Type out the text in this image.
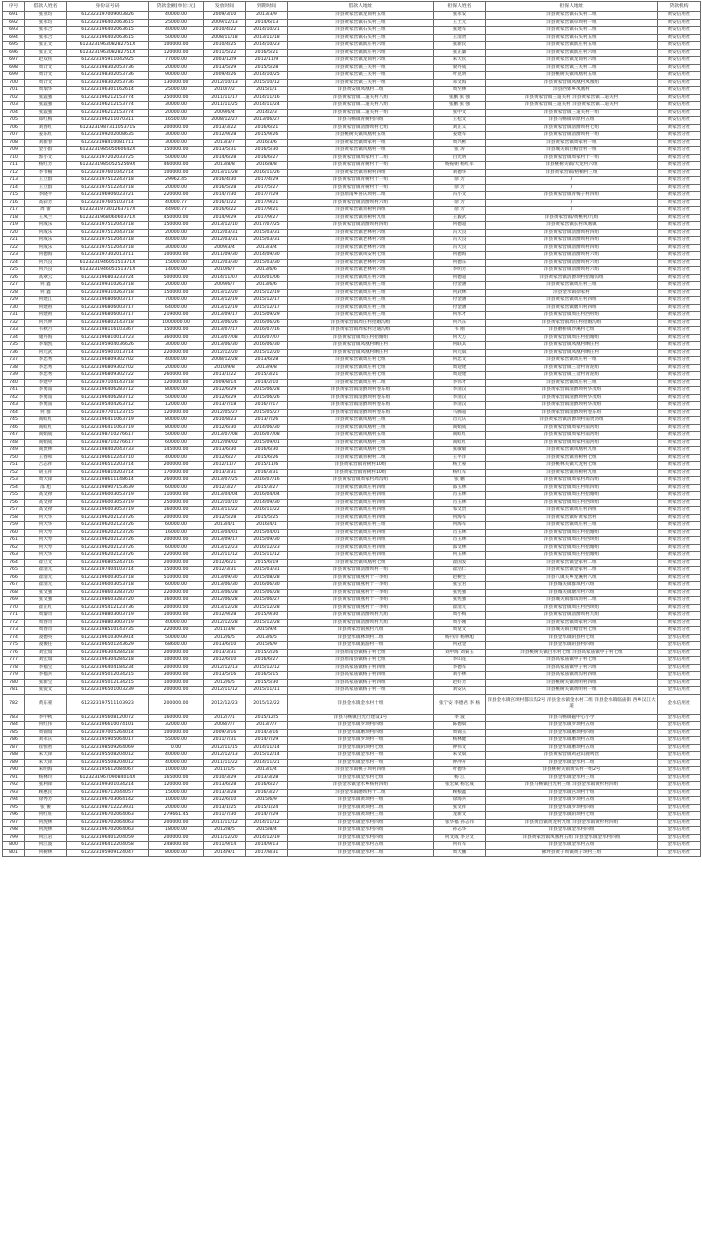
序号	借款人姓名	身份证号码	贷款金额(单位:元)	发放时间	到期时间	借款人地址	担保人姓名	担保人地址	贷款机构
691	张亚均	612323197009003826	40000.00	2009/3/10	2013/3/9	洋县黄家营镇龙岗村五组	张永安	洋县黄家营镇石头村二组	黄安信用社
692	张永均	612323196402063615	25000.00	2009/12/13	2014/6/13	洋县黄家营镇石头村三组	王土元	洋县黄家营镇草坝村一组	黄安信用社
693	张永合	612323196402063615	40000.00	2010/4/22	2014/10/21	洋县黄家营镇石头村三组	张建军	洋县黄家营镇石头村二组	黄安信用社
694	张永合	612323196402063615	50000.00	2008/11/18	2013/11/18	洋县黄家营镇石头村三组	王清贤	洋县黄家营镇石头村五组	黄安信用社
695	张正文	612323196308282751X	100000.00	2010/4/25	2014/10/23	洋县黄家营镇新庄村六组	张新民	洋县黄家营镇新庄村五组	黄安信用社
696	张正文	612323196308282751X	120000.00	2011/5/22	2016/5/21	洋县黄家营镇新庄村六组	张正廉	洋县黄家营镇新庄村六组	黄安信用社
697	赵双侠	612323195911042925	77000.00	2003/12/9	2012/11/9	洋县黄家营镇龙岗村六组	朱天钦	洋县黄家营镇龙岗村六组	黄安信用社
698	周计文	612323198302053736	20000.00	2013/5/29	2015/5/28	洋县黄家营镇三关村一组	梁丹成	洋县黄家营镇三关村二组	黄安信用社
699	周计文	612323198302053736	90000.00	2009/4/26	2014/10/25	洋县黄家营镇三关村一组	叶克明	洋县桃树关镇凤凰村五组	黄安信用社
700	周计文	612323198302053736	130000.00	2012/10/13	2015/10/12	洋县黄家营镇三关村一组	邓文海	洋县黄家营镇凤凰村凤凰组	黄安信用社
701	周瑞华	612323196301162614	25000.00	2010/7/2	2015/1/1	洋县黄安镇凤凰村二组	周至林	洋县西郊乡凤凰村	黄安信用社
702	张震强	612323196212153774	250000.00	2011/11/17	2014/11/16	洋县黄家营镇二道关村八组	张鹏 张 强	洋县黄家营镇三道关村 洋县黄家营镇二道关村	黄安信用社
703	张震强	612323196212153774	30000.00	2011/11/25	2014/11/24	洋县黄家营镇二道关村八组	张鹏 张 强	洋县黄家营镇三道关村 洋县黄家营镇二道关村	黄安信用社
704	张震强	612323196212153774	20000.00	2009/6/4	2014/2/3	洋县黄家营镇二道关村一组	张中文	洋县黄家营镇三道关村一组	黄安信用社
705	郑红梅	612323196211070311	16500.00	2008/12/27	2013/06/27	洋县马畅镇青树村四组	王松文	洋县马畅镇草原村五组	黄安信用社
706	刘春红	612323198731105371S	200000.00	2013/3/22	2016/6/21	洋县黄家营镇清爵坝村七组	刘正义	洋县黄家营镇清爵坝村七组	黄家营分社
707	姜乐红	612323199202008635	30000.00	2012/9/28	2015/9/26	洋县桃树关镇凤凰村五组	姜建军	洋县黄家营镇清爵坝村一组	黄家营分社
708	刘新春	612323198410081711	30000.00	2013/3/7	2016/3/6	洋县黄家营镇周家村一组	周兴彬	洋县黄家营镇周家村一组	黄家营分社
709	金小群	612323198505060642X	150000.00	2013/5/31	2016/5/30	洋县黄家营镇风凰村一组	张 涛	洋县城关镇白帽营村一组	黄家营分社
710	郭小文	612323197202033725	50000.00	2014/6/28	2016/6/27	洋县黄家营镇周家村十二组	白光明	洋县黄家营镇周家村十一组	黄家营分社
711	杨红芳	612323198505252569X	460000.00	2013/8/8	2016/8/8	洋县黄家营镇青树村十一组	杨振朝 杨红军	洋县桃树关镇/大龙村六组	黄家营分社
712	李爷楠	612323197601042714	100000.00	2013/11/28	2016/11/26	洋县黄家营镇青树村四组	刘德华	洋县黄家营镇/梧桐村三组	黄家营分社
713	王立群	612323197512243718	29962.45	2016/4/30	2017/4/29	洋县黄家营镇青树村十一组	徐 芳	/	黄家营分社
714	王立群	612323197512243718	20000.00	2016/5/28	2017/5/27	洋县黄家营镇青树村十一组	徐 芳	/	黄家营分社
715	李晓平	612323196906023721	220000.00	2014/7/30	2017/7/29	洋县原南乡喜庆坝村二组	冯小文	洋县黄家营镇青梅子村四组	黄家营分社
716	高彩芳	612323197605103714	40000.77	2016/1/22	2017/9/21	洋县黄家营镇清爵坝村六组	徐 芳	/	黄家营分社
717	周 蕾	612323197301263717X	44900.77	2016/6/22	2017/9/21	洋县黄家营镇青树村四组	徐 芳	/	黄家营分社
718	王凤兰	612323196806060371X	450000.00	2014/9/29	2017/9/27	洋县黄家营镇青树村九组	王毅武	洋县黄家营镇/黄桃村/九组	黄家营分社
719	何成乐	612323197512043718	150000.00	2013/12/10	2017/07/25	洋县黄家营镇清爵坝村四组	何德超	洋县黄家营镇长村凤凰镇	黄家营分社
720	何成乐	612323197512043718	20000.00	2012/03/31	2015/03/31	洋县黄家营镇老林村六组	冯天良	洋县黄家营镇清爵坝村四组	黄家营分社
721	何成乐	612323197512043718	40000.00	2012/03/31	2015/03/31	洋县黄家营镇老林村六组	冯天良	洋县黄家营镇清爵坝村四组	黄家营分社
722	何成乐	612323197512043718	30000.00	2009/3/4	2013/3/4	洋县黄家营镇老林村六组	冯天良	洋县黄家营镇清爵坝村四组	黄家营分社
723	何德海	612323197302013711	100000.00	2011/09/30	2014/09/30	洋县黄家营镇凤安村七组	何德海	洋县黄家营镇清爵坝村六组	黄家营分社
724	何兴良	612323194605151371X	15000.00	2012/03/30	2015/03/30	洋县黄家营镇老林村六组	何德东	洋县黄家营镇清爵坝村六组	黄家营分社
725	何兴良	612323194605151371X	14000.00	2010/6/7	2013/6/6	洋县黄家营镇老林村六组	李明芳	洋县黄家营镇清爵坝村六组	黄家营分社
726	高翠云	612323196803233724	500000.00	2014/11/07	2016/01/06	洋县黄家营镇周庄村六组	何德超	洋县黄家营镇清爵坝村招婚沟组	黄家营分社
727	何 鑫	612323199310263718	20000.00	2009/6/7	2013/6/6	洋县黄家营镇周庄村三组	付金涵	洋县黄家营镇周庄村三组	黄家营分社
728	何 鑫	612323199310263718	150000.00	2013/12/20	2015/12/19	洋县黄家营镇周庄村三组	何武林	洋县金水镇徐家村	黄家营分社
729	何建江	612323196806003717	70000.00	2013/12/19	2015/12/17	洋县黄家营镇周庄村三组	付金涵	洋县黄家营镇周庄村四组	黄家营分社
730	何建祖	612323196806003717	64000.00	2013/12/19	2015/12/17	洋县黄家营镇周庄村三组	付金涵	洋县黄家营镇塘川村四组	黄家营分社
731	何建祖	612323196806003717	219000.00	2013/09/17	2015/09/29	洋县黄家营镇周庄村三组	何水才	洋县黄家营镇周庄村西村组	黄家营分社
732	何兴坤	612323196802143718	1000000.00	2013/06/26	2016/06/26	洋县黄家营镇周庄村招婚沟组	何兴东	洋县黄家营镇周庄村招婚沟组	黄家营分社
733	韦秋月	612323198116103367	150000.00	2013/07/17	2016/07/16	洋县黄家营镇周家村这通沟组	韦 刚	洋县磨桥镇沙溪村七组	黄家营分社
734	储丹海	612323196810013723	360000.00	2013/07/08	2016/07/07	洋县黄家营镇周庄村招婚组	何大万	洋县黄家营镇周庄村招婚组	黄家营分社
735	李瑞凯	612323195904036626	30000.00	2013/06/30	2016/06/30	洋县黄家营镇凤凰村晒庄村	何联其	洋县黄家营镇凤凰村晒庄村	黄家营分社
736	何元武	612323195901013714	220000.00	2012/12/20	2015/12/20	洋县黄家营镇凤凰村晒庄村	何元斌	洋县黄家营镇凤凰村晒庄村	黄家营分社
737	李忠秀	612323196809302702	40000.00	2008/12/28	2013/6/28	洋县黄家营镇周庄村七组	何忠文	洋县黄家营镇周庄村一组	黄家营分社
738	李忠秀	612323196809302702	20000.00	2010/9/8	2013/9/8	洋县黄家营镇周庄村七组	周迎建	洋县黄家营镇三岔村青泥组	黄家营分社
739	李忠秀	612323196809302722	260000.00	2013/1/22	2015/3/21	洋县黄家营镇周庄村七组	周迎建	洋县黄家营镇三岔村青泥组	黄家营分社
740	李建中	612323197104143718	120000.00	2009/8/14	2014/2/10	洋县黄家营镇周庄村二组	李伟才	洋县黄家营镇周庄村三组	黄家营分社
741	李勇南	612323196406283712	80000.00	2012/6/29	2015/06/28	洋县黄家营镇清爵坝村卷东组	李清汉	洋县黄家营镇清爵坝村华茂组	黄家营分社
742	李勇南	612323196406283712	50000.00	2012/6/29	2015/06/26	洋县黄家营镇清爵坝村卷东组	李清汉	洋县黄家营镇清爵坝村华茂组	黄家营分社
743	李勇南	612323195404263712	12000.00	2013/7/18	2016/7/17	洋县黄家营镇清爵坝村卷东组	李清汉	洋县黄家营镇清爵坝村华茂组	黄家营分社
744	何 群	612323197701123715	120000.00	2012/05/27	2015/05/27	洋县黄家营镇清爵坝村卷东组	马腾超	洋县黄家营镇清爵坝村卷东组	黄家营分社
745	商虹红	612323196411063719	80000.00	2010/8/23	2013/7/26	洋县黄家营镇凤凰村三组	肖元庆	洋县黄家营镇清爵坝村南贤湾组	黄家营分社
746	商虹红	612323196411063719	80000.00	2012/6/30	2014/06/30	洋县黄家营镇凤凰村三组	商娟成	洋县黄家营镇周家村南河组	黄家营分社
747	商娟成	612323198710276617	50000.00	2013/07/08	2016/07/08	洋县黄家营镇凤凰村五组	商虹红	洋县黄家营镇周家村南河组	黄家营分社
748	商娟成	612323198710276617	60000.00	2012/09/02	2015/09/01	洋县黄家营镇凤凰村三组	商虹红	洋县黄家营镇周家村南河组	黄家营分社
749	商贵林	612323198402043733	145000.00	2013/6/30	2016/6/30	洋县黄家营镇凤凰村七组	张敏敏	洋县黄家营镇凤凰村九组	黄家营分社
750	王春和	612323196612243710	40000.00	2012/6/27	2015/6/26	洋县黄家营镇青树村二组	王平洋	洋县黄家营镇青树村七组	黄家营分社
751	吉志祥	612323196512203714	200000.00	2012/11/7	2015/11/6	洋县黄家营镇青树村10组	杨土豪	洋县桃林关镇大龙村七组	黄家营分社
752	胡玉祥	612323196810203714	170000.00	2013/3/31	2016/3/31	洋县黄家营镇青树村10组	杨红军	洋县黄家营镇青树村九组	黄家营分社
753	周大锋	612323198611148614	260000.00	2013/07/25	2016/07/16	洋县黄家营镇周家村周沟组	张 鹏	洋县黄家营镇周家村周沟组	黄家营分社
754	邵 旭	612323198907153639	60000.00	2012/3/27	2015/3/27	洋县黄家营镇周庄村四组	邵玉林	洋县黄家营镇周庄村组四组	黄家营分社
755	高文禄	612323196003053719	110000.00	2013/04/04	2016/04/04	洋县黄家营镇周庄村四组	肖玉林	洋县黄家营镇周庄村招婚组	黄家营分社
756	高文禄	612323196003053719	250000.00	2012/10/10	2014/09/30	洋县黄家营镇周庄村四组	肖玉林	洋县黄家营镇周庄村西坝组	黄家营分社
757	高文禄	612323196003053719	160000.00	2013/11/22	2016/11/22	洋县黄家营镇周庄村四组	邹文贵	洋县黄家营镇周庄村四组	黄家营分社
758	何大华	612323196202123726	200000.00	2012/5/28	2015/5/25	洋县黄家营镇周庄村四组	何海军	洋县黄家营镇好黄家营村	黄家营分社
759	何大华	612323196202123726	60000.00	2013/4/1	2016/4/1	洋县黄家营镇周庄村三组	何海军	洋县黄家营镇周庄村三组	黄家营分社
760	何大琴	612323196202123726	16000.00	2013/04/01	2015/04/01	洋县黄家营镇周庄村四组	肖玉林	洋县黄家营镇周庄村招婚组	黄家营分社
761	何大琴	612323196202123726	200000.00	2013/09/17	2015/09/30	洋县黄家营镇周庄村四组	肖玉林	洋县黄家营镇周庄村西坝组	黄家营分社
762	何大琴	612323196202123726	60000.00	2013/12/23	2016/12/23	洋县黄家营镇周庄村四组	邵文林	洋县黄家营镇周庄村招婚组	黄家营分社
763	何大华	612323196202123726	220000.00	2012/11/12	2015/11/12	洋县黄家营镇周庄村四组	何玉林	洋县黄家营镇周庄村招婚组	黄家营分社
764	翟立文	612323196805243716	200000.00	2012/6/21	2015/6/19	洋县黄家营镇凤凰村七组	翟国发	洋县黄家营镇金家村二组	黄家营分社
765	翟清元	612323197404103714	150000.00	2012/3/31	2015/03/31	洋县黄家营镇清爵坝村一组	翟浩仁	洋县黄家营镇金家村二组	黄家营分社
766	翟清元	612323196003053718	510000.00	2013/09/30	2015/08/28	洋县黄家营镇燕村十一李组	赵树生	洋县八镇关乡龙溪村八组	黄家营分社
767	翟清元	612323196003053718	60000.00	2013/06/30	2016/06/30	洋县黄家营镇燕村十一李组	张宝君	洋县城关镇群琪村六组	黄家营分社
768	张文强	612323198603283720	220000.00	2013/06/28	2015/06/28	洋县黄家营镇燕村十一李组	张宪强	洋县城关镇塘川村六组	黄家营分社
769	张文强	612323198603283720	160000.00	2012/06/28	2015/06/27	洋县黄家营镇燕村十一李组	张宪强	洋县城关镇群琪湾村二组	黄家营分社
770	翟正红	612323195412123736	200000.00	2013/12/28	2015/12/28	洋县黄家营镇燕村十一李组	翟清元	洋县黄家营镇周庄村西坝组	黄家营分社
771	周秦奇	612323198803003719	100000.00	2012/9/28	2015/9/30	洋县黄家营镇清爵坝村九组	周小梅	洋县黄家营镇清爵坝村九组	黄家营分社
772	周春奇	612323198803003719	40000.00	2012/12/28	2015/12/28	洋县黄家营镇清爵坝村九组	周小刚	洋县黄家营镇周家村六组	黄家营分社
773	周春奇	612323198510143735	220000.00	2011/3/8	2015/9/4	洋县黄家营镇燕村九组	周宽文	洋县城关镇白蜡营村七组	黄家营分社
774	凌德英	612323196103093914	50000.00	2012/6/5	2013/6/5	洋县金水镇林坝村二组	杨丹洋 杨林旭	洋县金水镇阴县村七组	金水信用社
775	凌俊任	612323196501243629	68600.00	2013/6/10	2015/6/9	洋县金水镇旅游村一组	何冠金	洋县金水镇阴县村四组	金水信用社
776	刘宏瑞	612323196304284218	200000.00	2013/3/31	2015/2/26	洋县原南县镇杨子村七组	刘中海 刘菊玉	洋县桃树关镇白水村七组 洋县高家庙镇甲子村七组	金水信用社
777	刘宏瑞	612323196304284218	100000.00	2012/6/10	2016/6/27	洋县原南县镇杨子村七组	李山花	洋县高家庙镇甲子村七组	金水信用社
778	李福宝	612323196404184234	200000.00	2012/12/13	2015/12/12	洋县高家庙镇杨子村四组	李德军	洋县高家庙镇甲子村六组	金水信用社
779	李福兵	612323195012034215	300000.00	2013/5/16	2016/5/15	洋县高家庙镇杨子村四组	刘小林	洋县高家庙镇黄沟村四组	金水信用社
780	张新宝	612323195012134215	100000.00	2012/6/5	2015/5/30	洋县高家庙镇杨子村四组	赵好芳	洋县桃树关镇黄明村四组	金水信用社
781	张爱文	612323196501003239	200000.00	2012/11/12	2015/11/11	洋县高家庙镇杨子村一组	刘安庆	洋县桃树关镇黄明村一组	金水信用社
782	黄东蒙	612323197511103923	200000.00	2012/12/23	2015/12/22	洋县金水镇金水村十组	张宁安 李德君 李 杨	洋县金水镇宫坝村都宗沟2号 洋县金水镇金水村二组 洋县金水镇临庙街 西乡汉江大道	金水信用社
783	李中秋	612323195608120072	160000.00	2012/7/1	2015/12/5	洋县马畅镇白光行建设1号	李 波	洋县马畅镇磁中心小学	金水信用社
784	何红伟	612323196610074101	32000.00	2008/7/7	2013/7/7	洋县金水镇罗坝村四组	陈德斌	洋县金水镇罗坝村五组	金水信用社
785	周锦瑞	612323197005264014	100000.00	2009/3/16	2014/3/16	洋县金水镇磨坝村四组	周锦玉	洋县金水镇磨坝村四组	金水信用社
786	刘永庆	612323195905064017	55000.00	2011/7/31	2014/7/29	洋县金水镇罗坝村一组	杨林健	洋县金水镇磨坝村五组	金水信用社
787	崔恒智	612323198509264069	0.00	2012/11/15	2014/11/14	洋县金水镇阴坝村七组	钟伟文	洋县金水镇磨坝村五组	金水信用社
788	朱天锋	612323195508204012	40000.00	2012/12/13	2015/12/14	洋县金水镇金水村一组	朱文斌	洋县黄家营镇鸡冠山鹿鸣营	金水信用社
789	朱天锋	612323195508204012	40000.00	2011/11/22	2014/11/21	洋县金水镇金水村一组	钟冲开	洋县金水镇金水村二组	金水信用社
790	朱明海	612323195612084067	10000.00	2011/1/5	2013/1/4	洋县金水镇桃子坝村四组	叶德华	洋县桃树关镇黄头村一组2号	金水信用社
791	杨林玲	612323196709084014X	165000.00	2010/3/29	2013/3/28	洋县金水镇金水村七组	杨 江	洋县金水镇金水村三组	金水信用社
792	张利锋	612323199301034214	120000.00	2013/6/28	2016/6/27	洋县金水镇金水乡杨村四组	张宏斌 杨宏成	洋县马畅镇白光村三组 洋县金水镇黄杉村四组	金水信用社
793	顾惠民	612323196712044057	15000.00	2013/3/28	2016/3/27	洋县金水镇磨坝村十二组	顾根鑫	洋县金水镇宫坝村十组	金水信用社
794	徐秀芳	612323196703064142	10000.00	2012/6/10	2015/6/9	洋县金水镇黄坝村一组	徐海兵	洋县金水镇罗坝村五组	金水信用社
795	张 俊	612323198712223931	20000.00	2013/1/25	2015/1/24	洋县金水镇黄坝村二组	张文祥	洋县金水镇罗坝村四组	金水信用社
796	何红旺	612323196702064063	279661.45	2011/7/30	2014/7/29	洋县金水镇黄坝村三组	龙新文	洋县金水镇阴坝村七组	金水信用社
797	何虎林	612323196702064063	200000.00	2011/11/12	2014/11/12	洋县金水镇金水村四组	张华福 孙志伟	洋县黄昌镇黄龙村九组 洋县金水镇黄杉村四组	金水信用社
798	何虎林	612323196702064063	18000.00	2012/8/5	2015/8/4	洋县金水镇金水村四组	孙志华	洋县金水镇金水村四组	金水信用社
799	何江岩	612323196401204059	200000.00	2011/12/20	2014/12/19	洋县金水镇金水村四组	何文成 李卫文	洋县黄家营镇凤凰村五组 洋县金水镇金水村四组	金水信用社
800	何江波	612323196412204058	248000.00	2011/9/14	2014/9/13	洋县金水镇金水村五组	何有军	洋县金水镇金水村五组	金水信用社
801	何树林	612323195909124047	80000.00	2014/9/1	2017/8/31	洋县金水镇金水村二组	周天鹏	佛坪县黄子坝镇黄子坝村三组	金水信用社
